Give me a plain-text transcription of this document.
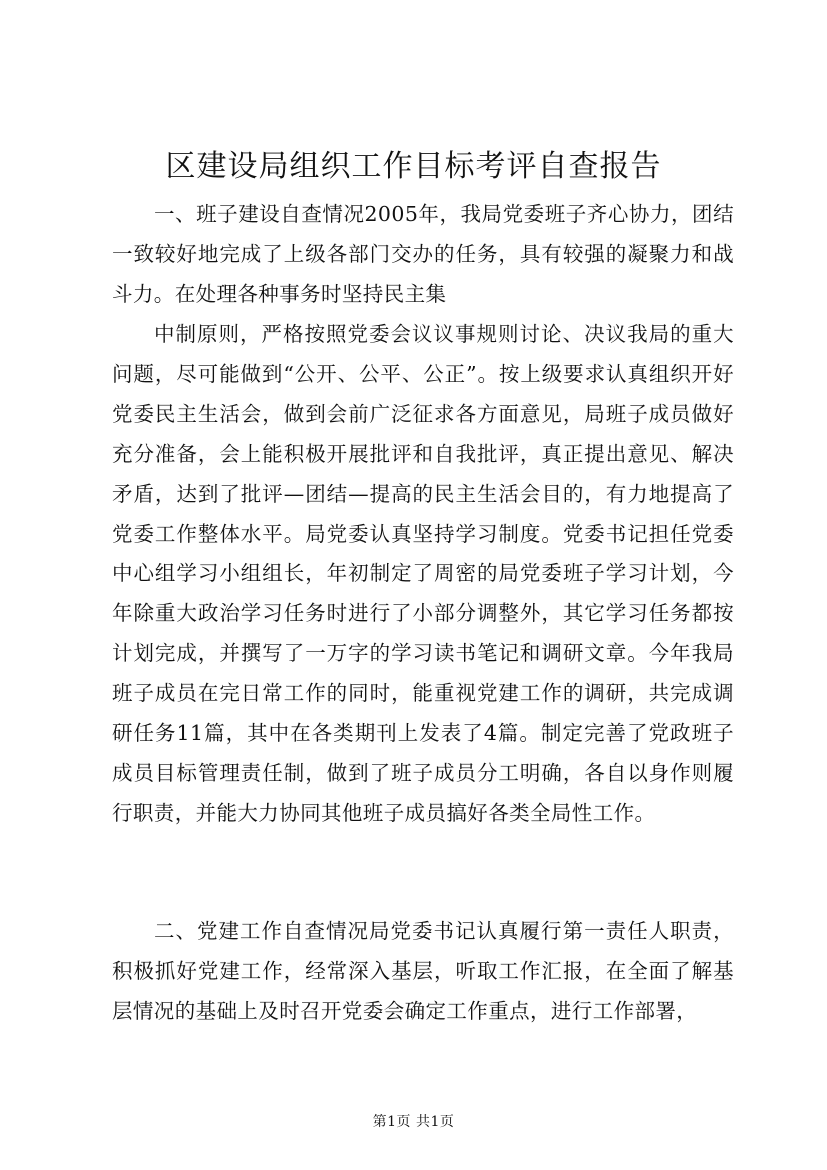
区建设局组织工作目标考评自查报告

一、班子建设自查情况2005年，我局党委班子齐心协力，团结一致较好地完成了上级各部门交办的任务，具有较强的凝聚力和战斗力。在处理各种事务时坚持民主集

中制原则，严格按照党委会议议事规则讨论、决议我局的重大问题，尽可能做到“公开、公平、公正”。按上级要求认真组织开好党委民主生活会，做到会前广泛征求各方面意见，局班子成员做好充分准备，会上能积极开展批评和自我批评，真正提出意见、解决矛盾，达到了批评—团结—提高的民主生活会目的，有力地提高了党委工作整体水平。局党委认真坚持学习制度。党委书记担任党委中心组学习小组组长，年初制定了周密的局党委班子学习计划，今年除重大政治学习任务时进行了小部分调整外，其它学习任务都按计划完成，并撰写了一万字的学习读书笔记和调研文章。今年我局班子成员在完日常工作的同时，能重视党建工作的调研，共完成调研任务11篇，其中在各类期刊上发表了4篇。制定完善了党政班子成员目标管理责任制，做到了班子成员分工明确，各自以身作则履行职责，并能大力协同其他班子成员搞好各类全局性工作。

二、党建工作自查情况局党委书记认真履行第一责任人职责，积极抓好党建工作，经常深入基层，听取工作汇报，在全面了解基层情况的基础上及时召开党委会确定工作重点，进行工作部署，

第1页 共1页
